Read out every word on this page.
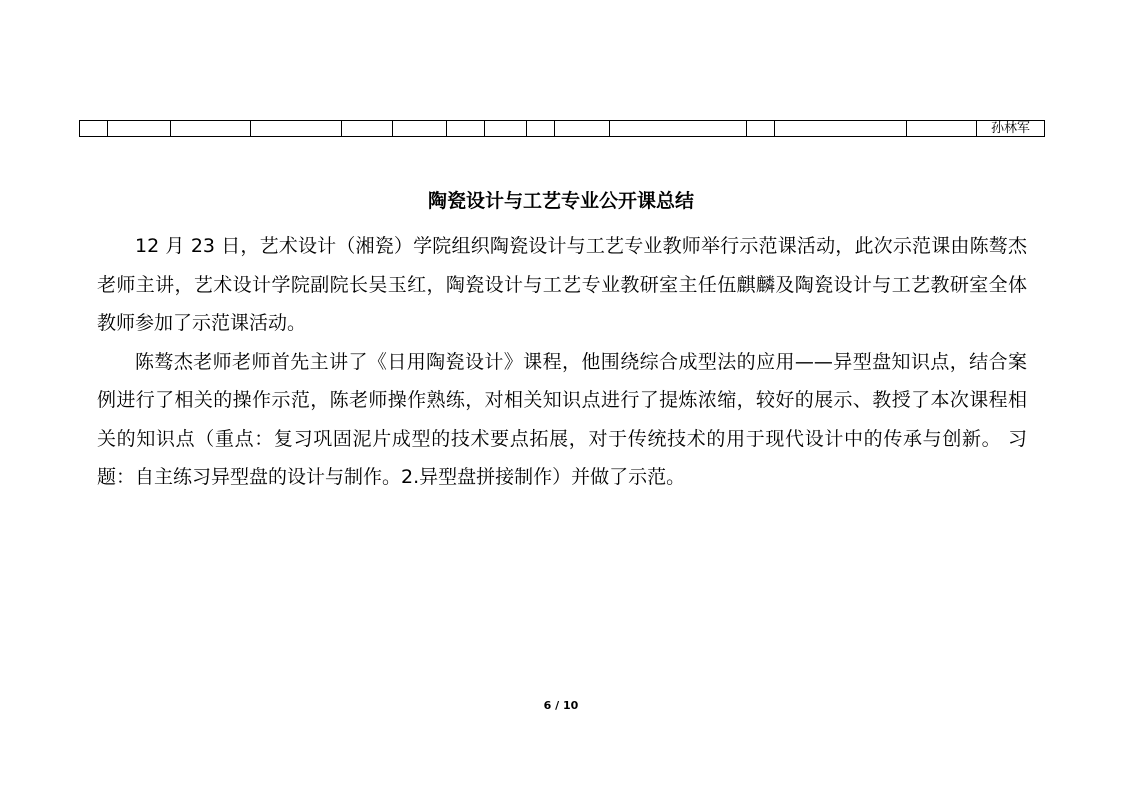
														孙林军
陶瓷设计与工艺专业公开课总结

12 月 23 日，艺术设计（湘瓷）学院组织陶瓷设计与工艺专业教师举行示范课活动，此次示范课由陈骜杰老师主讲，艺术设计学院副院长吴玉红，陶瓷设计与工艺专业教研室主任伍麒麟及陶瓷设计与工艺教研室全体教师参加了示范课活动。

陈骜杰老师老师首先主讲了《日用陶瓷设计》课程，他围绕综合成型法的应用——异型盘知识点，结合案例进行了相关的操作示范，陈老师操作熟练，对相关知识点进行了提炼浓缩，较好的展示、教授了本次课程相关的知识点（重点：复习巩固泥片成型的技术要点拓展，对于传统技术的用于现代设计中的传承与创新。 习题：自主练习异型盘的设计与制作。2.异型盘拼接制作）并做了示范。

6 / 10
